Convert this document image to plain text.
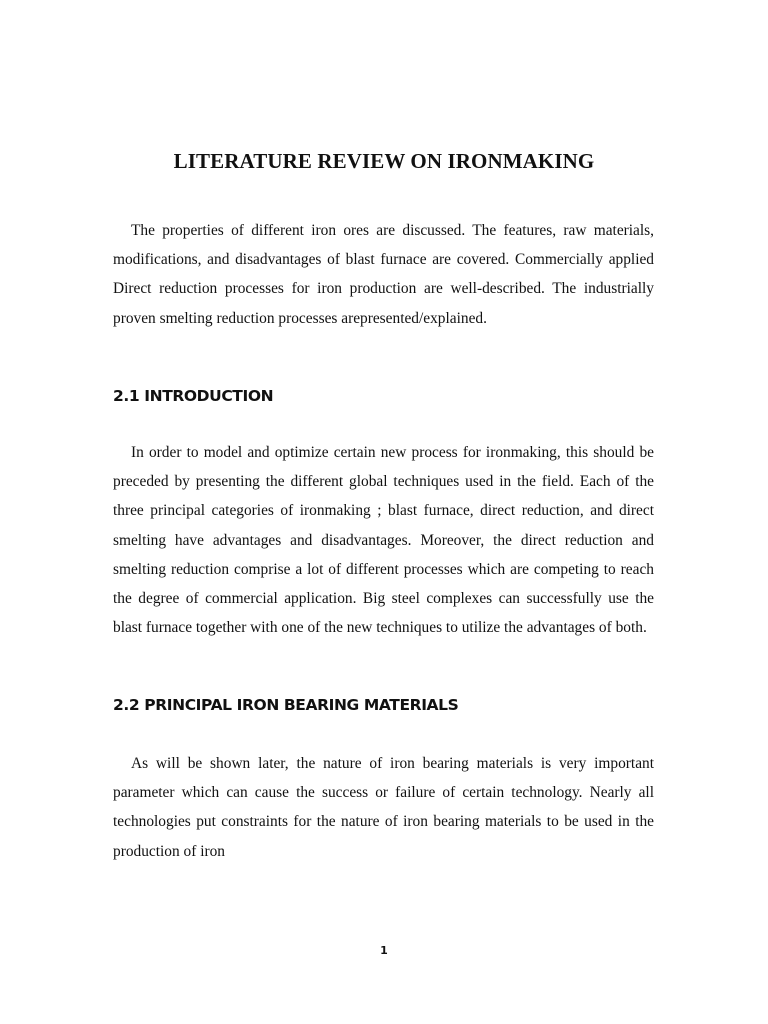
LITERATURE REVIEW ON IRONMAKING

The properties of different iron ores are discussed. The features, raw materials, modifications, and disadvantages of blast furnace are covered. Commercially applied Direct reduction processes for iron production are well-described. The industrially proven smelting reduction processes arepresented/explained.

2.1 INTRODUCTION

In order to model and optimize certain new process for ironmaking, this should be preceded by presenting the different global techniques used in the field. Each of the three principal categories of ironmaking ; blast furnace, direct reduction, and direct smelting have advantages and disadvantages. Moreover, the direct reduction and smelting reduction comprise a lot of different processes which are competing to reach the degree of commercial application. Big steel complexes can successfully use the blast furnace together with one of the new techniques to utilize the advantages of both.

2.2 PRINCIPAL IRON BEARING MATERIALS

As will be shown later, the nature of iron bearing materials is very important parameter which can cause the success or failure of certain technology. Nearly all technologies put constraints for the nature of iron bearing materials to be used in the production of iron

1
